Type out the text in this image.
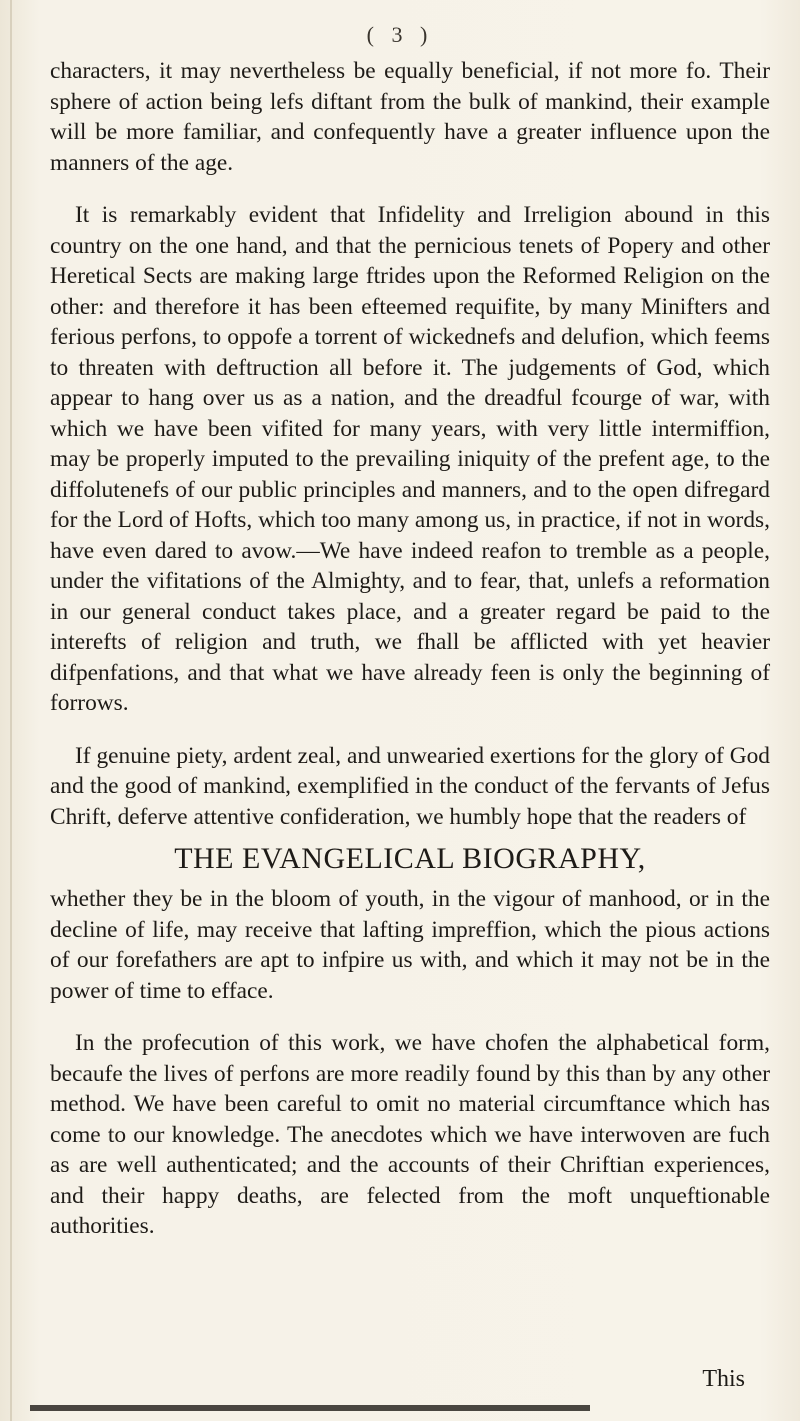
( 3 )

characters, it may nevertheless be equally beneficial, if not more fo. Their sphere of action being lefs diftant from the bulk of mankind, their example will be more familiar, and confequently have a greater influence upon the manners of the age.

It is remarkably evident that Infidelity and Irreligion abound in this country on the one hand, and that the pernicious tenets of Popery and other Heretical Sects are making large ftrides upon the Reformed Religion on the other: and therefore it has been efteemed requifite, by many Minifters and ferious perfons, to oppofe a torrent of wickednefs and delufion, which feems to threaten with deftruction all before it. The judgements of God, which appear to hang over us as a nation, and the dreadful fcourge of war, with which we have been vifited for many years, with very little intermiffion, may be properly imputed to the prevailing iniquity of the prefent age, to the diffolutenefs of our public principles and manners, and to the open difregard for the Lord of Hofts, which too many among us, in practice, if not in words, have even dared to avow.—We have indeed reafon to tremble as a people, under the vifitations of the Almighty, and to fear, that, unlefs a reformation in our general conduct takes place, and a greater regard be paid to the interefts of religion and truth, we fhall be afflicted with yet heavier difpenfations, and that what we have already feen is only the beginning of forrows.

If genuine piety, ardent zeal, and unwearied exertions for the glory of God and the good of mankind, exemplified in the conduct of the fervants of Jefus Chrift, deferve attentive confideration, we humbly hope that the readers of

THE EVANGELICAL BIOGRAPHY,

whether they be in the bloom of youth, in the vigour of manhood, or in the decline of life, may receive that lafting impreffion, which the pious actions of our forefathers are apt to infpire us with, and which it may not be in the power of time to efface.

In the profecution of this work, we have chofen the alphabetical form, becaufe the lives of perfons are more readily found by this than by any other method. We have been careful to omit no material circumftance which has come to our knowledge. The anecdotes which we have interwoven are fuch as are well authenticated; and the accounts of their Chriftian experiences, and their happy deaths, are felected from the moft unqueftionable authorities.

This
